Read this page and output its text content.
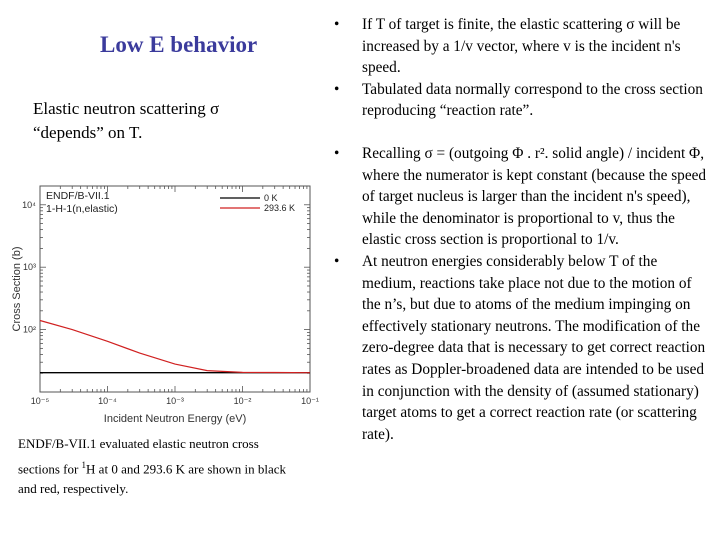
Low E behavior
Elastic neutron scattering σ
“depends” on T.
10⁻⁵	10⁻⁴	10⁻³	10⁻²	10⁻¹
10⁴
10³
10²
Incident Neutron Energy (eV)
Cross Section (b)
ENDF/B-VII.1
1-H-1(n,elastic)
0 K
293.6 K
ENDF/B-VII.1 evaluated elastic neutron cross sections for $^1$H at 0 and 293.6 K are shown in black and red, respectively.
•	If T of target is finite, the elastic scattering σ will be increased by a 1/v vector, where v is the incident n's speed.
•	Tabulated data normally correspond to the cross section reproducing “reaction rate”.
•	Recalling σ = (outgoing Φ . r². solid angle) / incident Φ, where the numerator is kept constant (because the speed of target nucleus is larger than the incident n's speed), while the denominator is proportional to v, thus the elastic cross section is proportional to 1/v.
•	At neutron energies considerably below T of the medium, reactions take place not due to the motion of the n’s, but due to atoms of the medium impinging on effectively stationary neutrons. The modification of the zero-degree data that is necessary to get correct reaction rates as Doppler-broadened data are intended to be used in conjunction with the density of (assumed stationary) target atoms to get a correct reaction rate (or scattering rate).
